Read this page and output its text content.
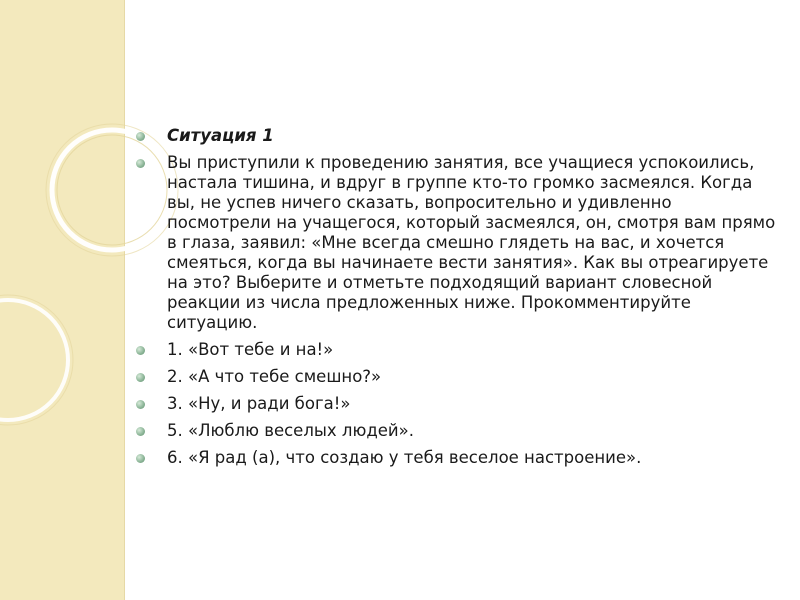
Ситуация 1
Вы приступили к проведению занятия, все учащиеся успокоились, настала тишина, и вдруг в группе кто-то громко засмеялся. Когда вы, не успев ничего сказать, вопросительно и удивленно посмотрели на учащегося, который засмеялся, он, смотря вам прямо в глаза, заявил: «Мне всегда смешно глядеть на вас, и хочется смеяться, когда вы начинаете вести занятия». Как вы отреагируете на это? Выберите и отметьте подходящий вариант словесной реакции из числа предложенных ниже. Прокомментируйте ситуацию.
1. «Вот тебе и на!»
2. «А что тебе смешно?»
3. «Ну, и ради бога!»
5. «Люблю веселых людей».
6. «Я рад (а), что создаю у тебя веселое настроение».
